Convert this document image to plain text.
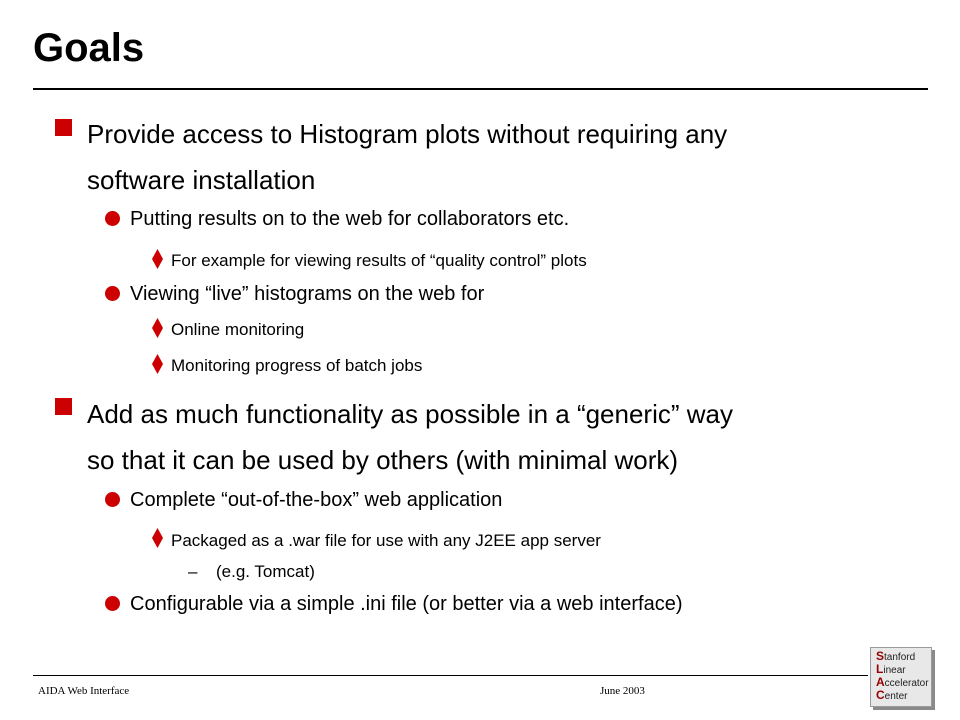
Goals
Provide access to Histogram plots without requiring any
software installation
Putting results on to the web for collaborators etc.
For example for viewing results of “quality control” plots
Viewing “live” histograms on the web for
Online monitoring
Monitoring progress of batch jobs
Add as much functionality as possible in a “generic” way
so that it can be used by others (with minimal work)
Complete “out-of-the-box” web application
Packaged as a .war file for use with any J2EE app server
– (e.g. Tomcat)
Configurable via a simple .ini file (or better via a web interface)
AIDA Web Interface	June 2003
Stanford
Linear
Accelerator
Center
